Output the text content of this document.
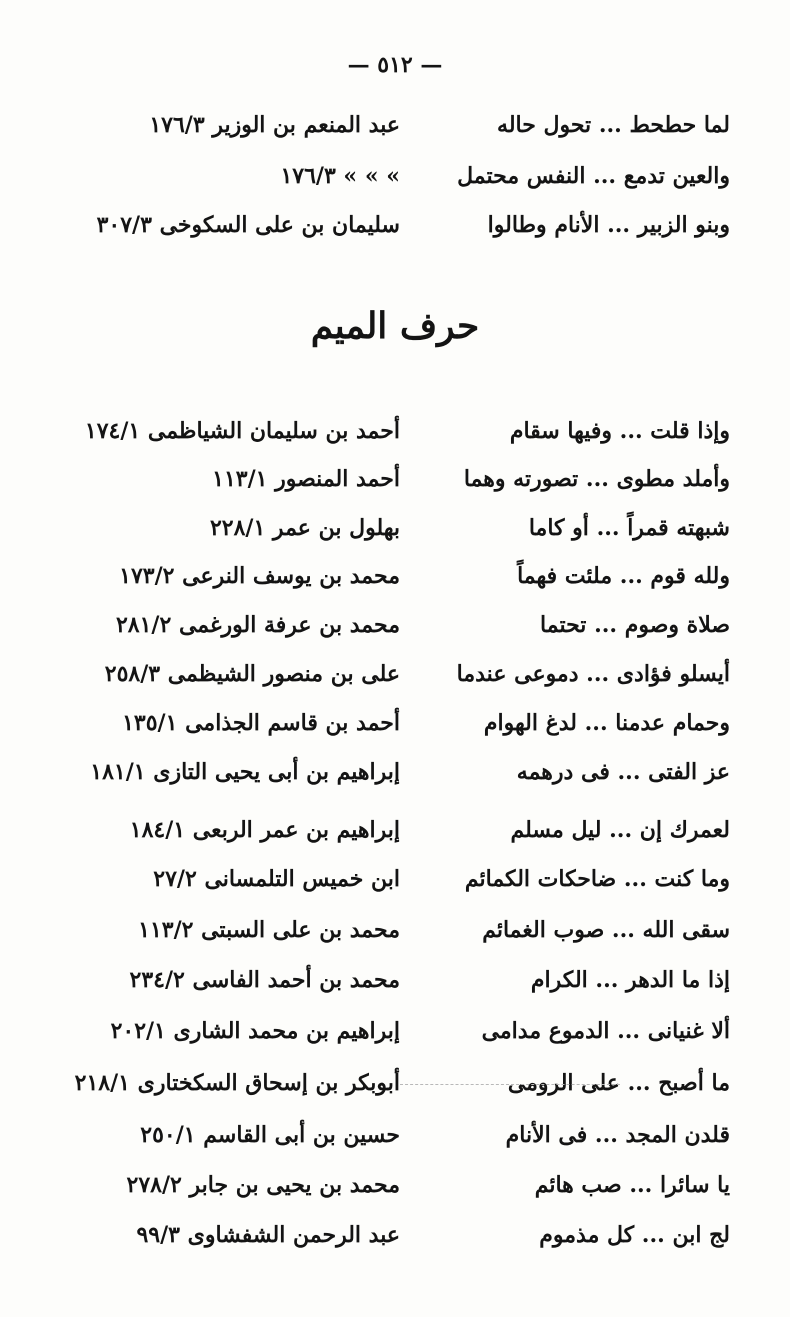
— ٥١٢ —
لما حطحط ... تحول حاله
عبد المنعم بن الوزير ١٧٦/٣
والعين تدمع ... النفس محتمل
» » » ١٧٦/٣
وبنو الزبير ... الأنام وطالوا
سليمان بن على السكوخى ٣٠٧/٣
حرف الميم
وإذا قلت ... وفيها سقام
أحمد بن سليمان الشياظمى ١٧٤/١
وأملد مطوى ... تصورته وهما
أحمد المنصور ١١٣/١
شبهته قمراً ... أو كاما
بهلول بن عمر ٢٢٨/١
ولله قوم ... ملئت فهماً
محمد بن يوسف النرعى ١٧٣/٢
صلاة وصوم ... تحتما
محمد بن عرفة الورغمى ٢٨١/٢
أيسلو فؤادى ... دموعى عندما
على بن منصور الشيظمى ٢٥٨/٣
وحمام عدمنا ... لدغ الهوام
أحمد بن قاسم الجذامى ١٣٥/١
عز الفتى ... فى درهمه
إبراهيم بن أبى يحيى التازى ١٨١/١
لعمرك إن ... ليل مسلم
إبراهيم بن عمر الربعى ١٨٤/١
وما كنت ... ضاحكات الكمائم
ابن خميس التلمسانى ٢٧/٢
سقى الله ... صوب الغمائم
محمد بن على السبتى ١١٣/٢
إذا ما الدهر ... الكرام
محمد بن أحمد الفاسى ٢٣٤/٢
ألا غنيانى ... الدموع مدامى
إبراهيم بن محمد الشارى ٢٠٢/١
ما أصبح ... على الرومى
أبوبكر بن إسحاق السكختارى ٢١٨/١
قلدن المجد ... فى الأنام
حسين بن أبى القاسم ٢٥٠/١
يا سائرا ... صب هائم
محمد بن يحيى بن جابر ٢٧٨/٢
لج ابن ... كل مذموم
عبد الرحمن الشفشاوى ٩٩/٣
